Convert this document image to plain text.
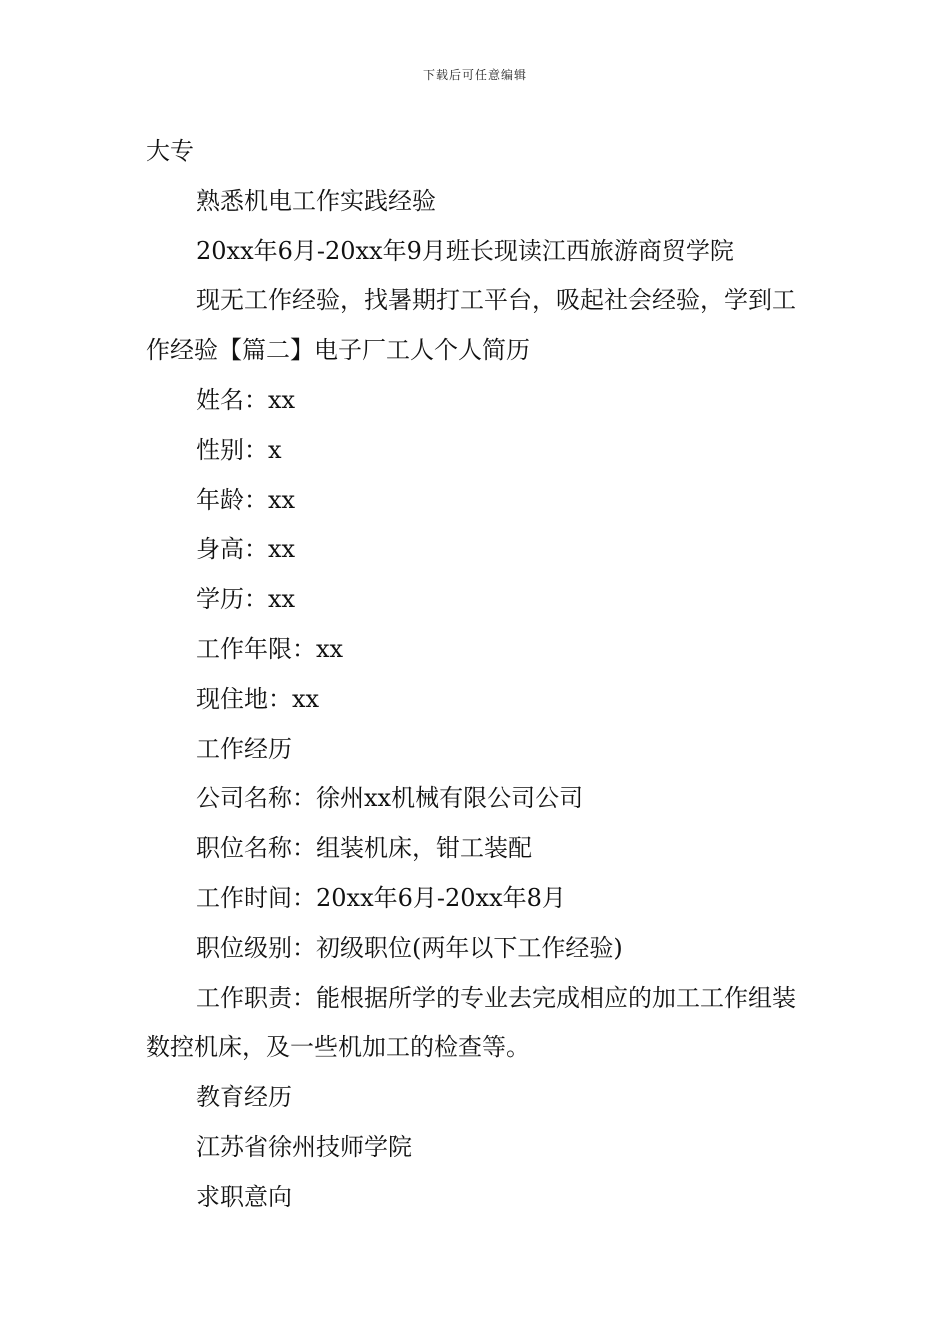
下载后可任意编辑

大专

熟悉机电工作实践经验

20xx年6月-20xx年9月班长现读江西旅游商贸学院

现无工作经验，找暑期打工平台，吸起社会经验，学到工作经验【篇二】电子厂工人个人简历

姓名：xx

性别：x

年龄：xx

身高：xx

学历：xx

工作年限：xx

现住地：xx

工作经历

公司名称：徐州xx机械有限公司公司

职位名称：组装机床，钳工装配

工作时间：20xx年6月-20xx年8月

职位级别：初级职位(两年以下工作经验)

工作职责：能根据所学的专业去完成相应的加工工作组装数控机床，及一些机加工的检查等。

教育经历

江苏省徐州技师学院

求职意向
